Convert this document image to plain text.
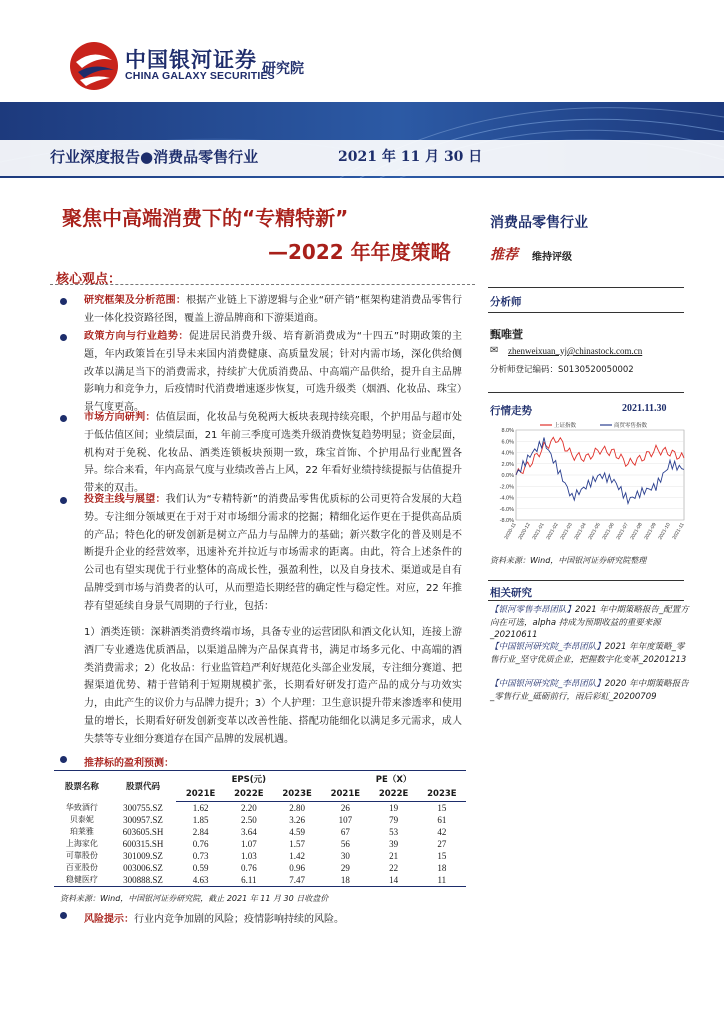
中国银河证券
CHINA GALAXY SECURITIES
研究院
行业深度报告●消费品零售行业	2021 年 11 月 30 日
聚焦中高端消费下的“专精特新”
—2022 年年度策略
核心观点：
消费品零售行业
推荐 维持评级
分析师
甄唯萱
✉ zhenweixuan_yj@chinastock.com.cn
分析师登记编码：S0130520050002
行情走势	2021.11.30
8.0%
6.0%
4.0%
2.0%
0.0%
-2.0%
-4.0%
-6.0%
-8.0%
2020-11 2020-12 2021-01 2021-02 2021-03 2021-04 2021-05 2021-06 2021-07 2021-08 2021-09 2021-10 2021-11
上证指数	商贸零售指数
资料来源：Wind，中国银河证券研究院整理
相关研究
【银河零售李昂团队】2021 年中期策略报告_配置方向在可选，alpha 持成为预期收益的重要来源_20210611
【中国银河研究院_李昂团队】2021 年年度策略_零售行业_坚守优质企业，把握数字化变革_20201213
【中国银河研究院_李昂团队】2020 年中期策略报告_零售行业_砥砺前行，雨后彩虹_20200709
研究框架及分析范围：根据产业链上下游逻辑与企业“研产销”框架构建消费品零售行业一体化投资路径图，覆盖上游品牌商和下游渠道商。
政策方向与行业趋势：促进居民消费升级、培育新消费成为“十四五”时期政策的主题，年内政策旨在引导未来国内消费健康、高质量发展；针对内需市场，深化供给侧改革以满足当下的消费需求，持续扩大优质消费品、中高端产品供给，提升自主品牌影响力和竞争力，后疫情时代消费增速逐步恢复，可选升级类（烟酒、化妆品、珠宝）景气度更高。
市场方向研判：估值层面，化妆品与免税两大板块表现持续亮眼，个护用品与超市处于低估值区间；业绩层面，21 年前三季度可选类升级消费恢复趋势明显；资金层面，机构对于免税、化妆品、酒类连锁板块预期一致，珠宝首饰、个护用品行业配置各异。综合来看，年内高景气度与业绩改善占上风，22 年看好业绩持续提振与估值提升带来的双击。
投资主线与展望：我们认为“专精特新”的消费品零售优质标的公司更符合发展的大趋势。专注细分领域更在于对于对市场细分需求的挖掘；精细化运作更在于提供高品质的产品；特色化的研发创新是树立产品力与品牌力的基础；新兴数字化的普及则是不断提升企业的经营效率，迅速补充并拉近与市场需求的距离。由此，符合上述条件的公司也有望实现优于行业整体的高成长性，强盈利性，以及自身技术、渠道或是自有品牌受到市场与消费者的认可，从而塑造长期经营的确定性与稳定性。对应，22 年推荐有望延续自身景气周期的子行业，包括：
1）酒类连锁：深耕酒类消费终端市场，具备专业的运营团队和酒文化认知，连接上游酒厂专业遴选优质酒品，以渠道品牌为产品保真背书，满足市场多元化、中高端的酒类消费需求；2）化妆品：行业监管趋严利好规范化头部企业发展，专注细分赛道、把握渠道优势、精于营销利于短期规模扩张，长期看好研发打造产品的成分与功效实力，由此产生的议价力与品牌力提升；3）个人护理：卫生意识提升带来渗透率和使用量的增长，长期看好研发创新变革以改善性能、搭配功能细化以满足多元需求，成人失禁等专业细分赛道存在国产品牌的发展机遇。
推荐标的盈利预测：
股票名称	股票代码	EPS(元)			PE（X）		
		2021E	2022E	2023E	2021E	2022E	2023E
华致酒行	300755.SZ	1.62	2.20	2.80	26	19	15
贝泰妮	300957.SZ	1.85	2.50	3.26	107	79	61
珀莱雅	603605.SH	2.84	3.64	4.59	67	53	42
上海家化	600315.SH	0.76	1.07	1.57	56	39	27
可靠股份	301009.SZ	0.73	1.03	1.42	30	21	15
百亚股份	003006.SZ	0.59	0.76	0.96	29	22	18
稳健医疗	300888.SZ	4.63	6.11	7.47	18	14	11
资料来源：Wind，中国银河证券研究院，截止 2021 年 11 月 30 日收盘价
风险提示：行业内竞争加剧的风险；疫情影响持续的风险。
